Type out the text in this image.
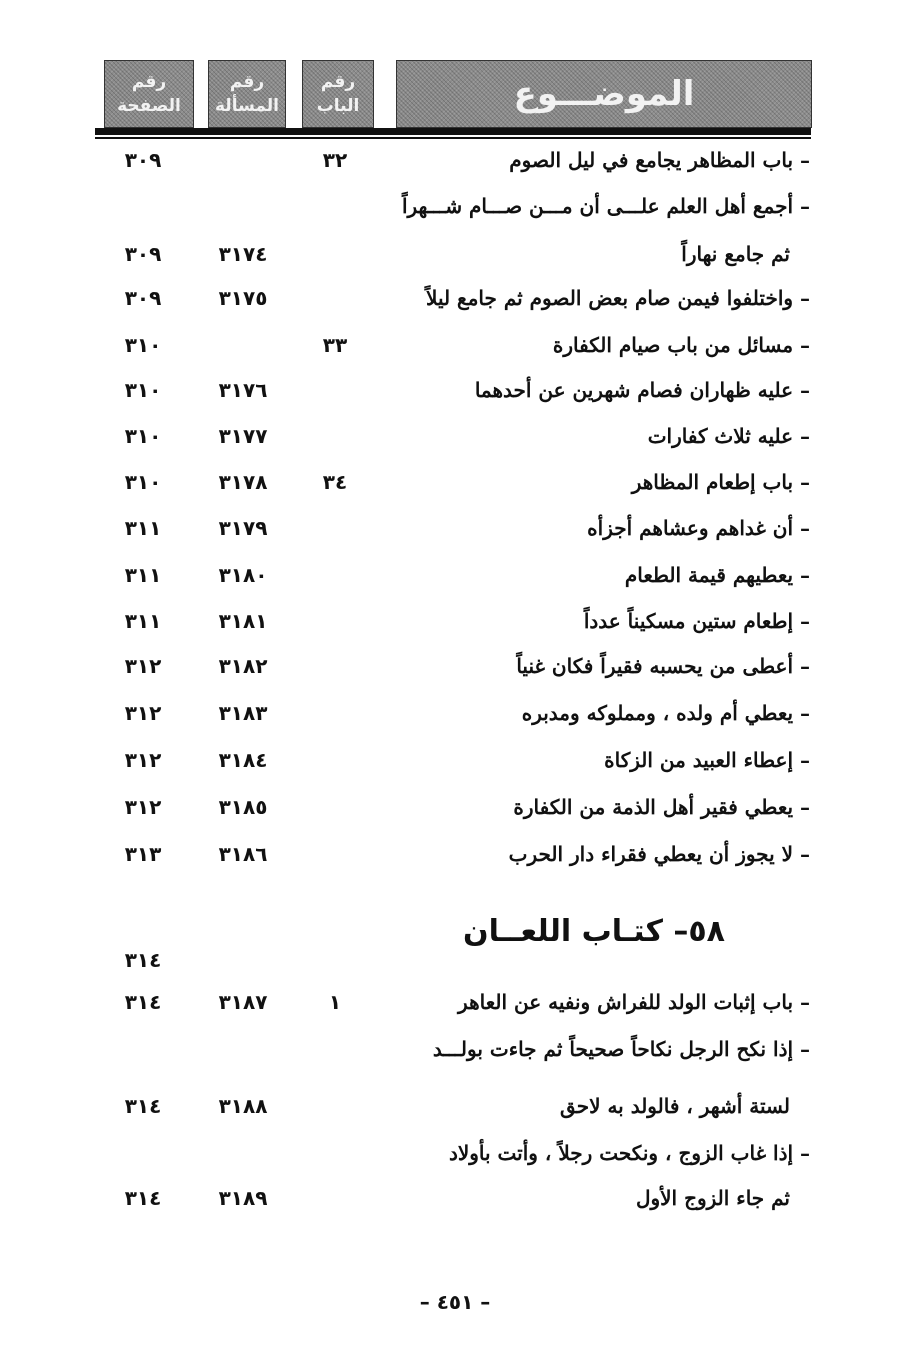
الموضـــوع
رقم
الباب
رقم
المسألة
رقم
الصفحة
– باب المظاهر يجامع في ليل الصوم
٣٢
٣٠٩
– أجمع أهل العلم علـــى أن مـــن صـــام شـــهراً
ثم جامع نهاراً
٣١٧٤
٣٠٩
– واختلفوا فيمن صام بعض الصوم ثم جامع ليلاً
٣١٧٥
٣٠٩
– مسائل من باب صيام الكفارة
٣٣
٣١٠
– عليه ظهاران فصام شهرين عن أحدهما
٣١٧٦
٣١٠
– عليه ثلاث كفارات
٣١٧٧
٣١٠
– باب إطعام المظاهر
٣٤
٣١٧٨
٣١٠
– أن غداهم وعشاهم أجزأه
٣١٧٩
٣١١
– يعطيهم قيمة الطعام
٣١٨٠
٣١١
– إطعام ستين مسكيناً عدداً
٣١٨١
٣١١
– أعطى من يحسبه فقيراً فكان غنياً
٣١٨٢
٣١٢
– يعطي أم ولده ، ومملوكه ومدبره
٣١٨٣
٣١٢
– إعطاء العبيد من الزكاة
٣١٨٤
٣١٢
– يعطي فقير أهل الذمة من الكفارة
٣١٨٥
٣١٢
– لا يجوز أن يعطي فقراء دار الحرب
٣١٨٦
٣١٣
٥٨– كتـاب اللعــان
٣١٤
– باب إثبات الولد للفراش ونفيه عن العاهر
١
٣١٨٧
٣١٤
– إذا نكح الرجل نكاحاً صحيحاً ثم جاءت بولـــد
لستة أشهر ، فالولد به لاحق
٣١٨٨
٣١٤
– إذا غاب الزوج ، ونكحت رجلاً ، وأتت بأولاد
ثم جاء الزوج الأول
٣١٨٩
٣١٤
– ٤٥١ –
